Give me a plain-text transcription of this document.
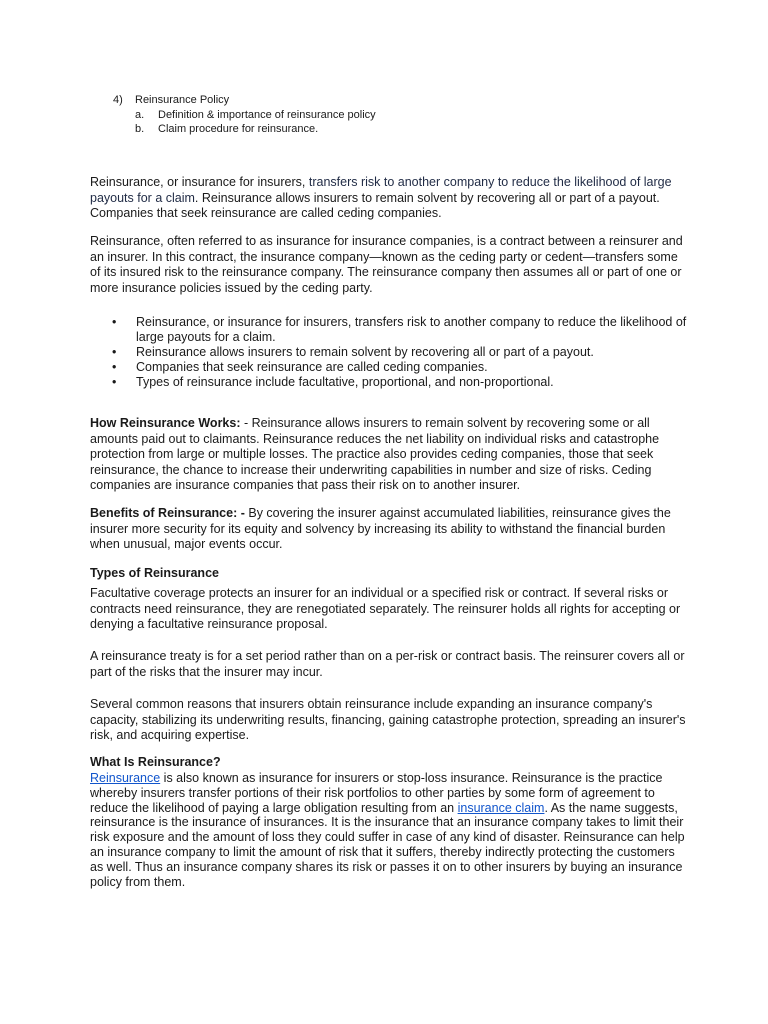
4)	Reinsurance Policy
a.	Definition & importance of reinsurance policy
b.	Claim procedure for reinsurance.

Reinsurance, or insurance for insurers, transfers risk to another company to reduce the likelihood of large payouts for a claim. Reinsurance allows insurers to remain solvent by recovering all or part of a payout. Companies that seek reinsurance are called ceding companies.

Reinsurance, often referred to as insurance for insurance companies, is a contract between a reinsurer and an insurer. In this contract, the insurance company—known as the ceding party or cedent—transfers some of its insured risk to the reinsurance company. The reinsurance company then assumes all or part of one or more insurance policies issued by the ceding party.

• Reinsurance, or insurance for insurers, transfers risk to another company to reduce the likelihood of large payouts for a claim.
• Reinsurance allows insurers to remain solvent by recovering all or part of a payout.
• Companies that seek reinsurance are called ceding companies.
• Types of reinsurance include facultative, proportional, and non-proportional.

How Reinsurance Works: - Reinsurance allows insurers to remain solvent by recovering some or all amounts paid out to claimants. Reinsurance reduces the net liability on individual risks and catastrophe protection from large or multiple losses. The practice also provides ceding companies, those that seek reinsurance, the chance to increase their underwriting capabilities in number and size of risks. Ceding companies are insurance companies that pass their risk on to another insurer.

Benefits of Reinsurance: - By covering the insurer against accumulated liabilities, reinsurance gives the insurer more security for its equity and solvency by increasing its ability to withstand the financial burden when unusual, major events occur.

Types of Reinsurance

Facultative coverage protects an insurer for an individual or a specified risk or contract. If several risks or contracts need reinsurance, they are renegotiated separately. The reinsurer holds all rights for accepting or denying a facultative reinsurance proposal.

A reinsurance treaty is for a set period rather than on a per-risk or contract basis. The reinsurer covers all or part of the risks that the insurer may incur.

Several common reasons that insurers obtain reinsurance include expanding an insurance company's capacity, stabilizing its underwriting results, financing, gaining catastrophe protection, spreading an insurer's risk, and acquiring expertise.

What Is Reinsurance?

Reinsurance is also known as insurance for insurers or stop-loss insurance. Reinsurance is the practice whereby insurers transfer portions of their risk portfolios to other parties by some form of agreement to reduce the likelihood of paying a large obligation resulting from an insurance claim. As the name suggests, reinsurance is the insurance of insurances. It is the insurance that an insurance company takes to limit their risk exposure and the amount of loss they could suffer in case of any kind of disaster. Reinsurance can help an insurance company to limit the amount of risk that it suffers, thereby indirectly protecting the customers as well. Thus an insurance company shares its risk or passes it on to other insurers by buying an insurance policy from them.
